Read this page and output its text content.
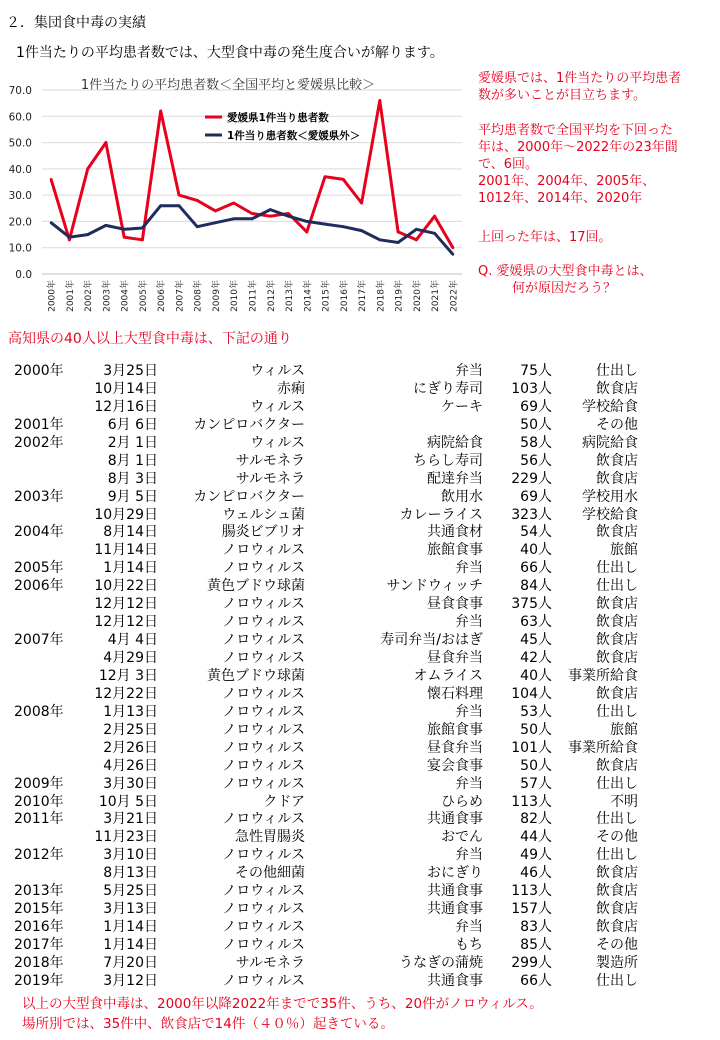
２．集団食中毒の実績
1件当たりの平均患者数では、大型食中毒の発生度合いが解ります。
1件当たりの平均患者数＜全国平均と愛媛県比較＞
0.0
10.0
20.0
30.0
40.0
50.0
60.0
70.0
2000年 2001年 2002年 2003年 2004年 2005年 2006年 2007年 2008年 2009年 2010年 2011年 2012年 2013年 2014年 2015年 2016年 2017年 2018年 2019年 2020年 2021年 2022年
愛媛県1件当り患者数
1件当り患者数＜愛媛県外＞
愛媛県では、1件当たりの平均患者
数が多いことが目立ちます。
平均患者数で全国平均を下回った
年は、2000年～2022年の23年間
で、6回。
2001年、2004年、2005年、
1012年、2014年、2020年
上回った年は、17回。
Q. 愛媛県の大型食中毒とは、
何が原因だろう？
高知県の40人以上大型食中毒は、下記の通り
2000年	3月25日	ウィルス	弁当	75人	仕出し
10月14日	赤痢	にぎり寿司 103人	飲食店
12月16日	ウィルス	ケーキ	69人 学校給食
2001年	6月 6日	カンピロバクター	50人	その他
2002年	2月 1日	ウィルス	病院給食	58人 病院給食
8月 1日	サルモネラ	ちらし寿司	56人	飲食店
8月 3日	サルモネラ	配達弁当 229人	飲食店
2003年	9月 5日	カンピロバクター	飲用水	69人 学校用水
10月29日	ウェルシュ菌	カレーライス 323人 学校給食
2004年	8月14日	腸炎ビブリオ	共通食材	54人	飲食店
11月14日	ノロウィルス	旅館食事	40人	旅館
2005年	1月14日	ノロウィルス	弁当	66人	仕出し
2006年 10月22日	黄色ブドウ球菌	サンドウィッチ	84人	仕出し
12月12日	ノロウィルス	昼食食事 375人	飲食店
12月12日	ノロウィルス	弁当	63人	飲食店
2007年	4月 4日	ノロウィルス	寿司弁当/おはぎ	45人	飲食店
4月29日	ノロウィルス	昼食弁当	42人	飲食店
12月 3日	黄色ブドウ球菌	オムライス	40人 事業所給食
12月22日	ノロウィルス	懐石料理 104人	飲食店
2008年	1月13日	ノロウィルス	弁当	53人	仕出し
2月25日	ノロウィルス	旅館食事	50人	旅館
2月26日	ノロウィルス	昼食弁当 101人 事業所給食
4月26日	ノロウィルス	宴会食事	50人	飲食店
2009年	3月30日	ノロウィルス	弁当	57人	仕出し
2010年	10月 5日	クドア	ひらめ 113人	不明
2011年	3月21日	ノロウィルス	共通食事	82人	仕出し
11月23日	急性胃腸炎	おでん	44人	その他
2012年	3月10日	ノロウィルス	弁当	49人	仕出し
8月13日	その他細菌	おにぎり	46人	飲食店
2013年	5月25日	ノロウィルス	共通食事 113人	飲食店
2015年	3月13日	ノロウィルス	共通食事 157人	飲食店
2016年	1月14日	ノロウィルス	弁当	83人	飲食店
2017年	1月14日	ノロウィルス	もち	85人	その他
2018年	7月20日	サルモネラ	うなぎの蒲焼 299人	製造所
2019年	3月12日	ノロウィルス	共通食事	66人	仕出し
以上の大型食中毒は、2000年以降2022年までで35件、うち、20件がノロウィルス。
場所別では、35件中、飲食店で14件（４０％）起きている。
